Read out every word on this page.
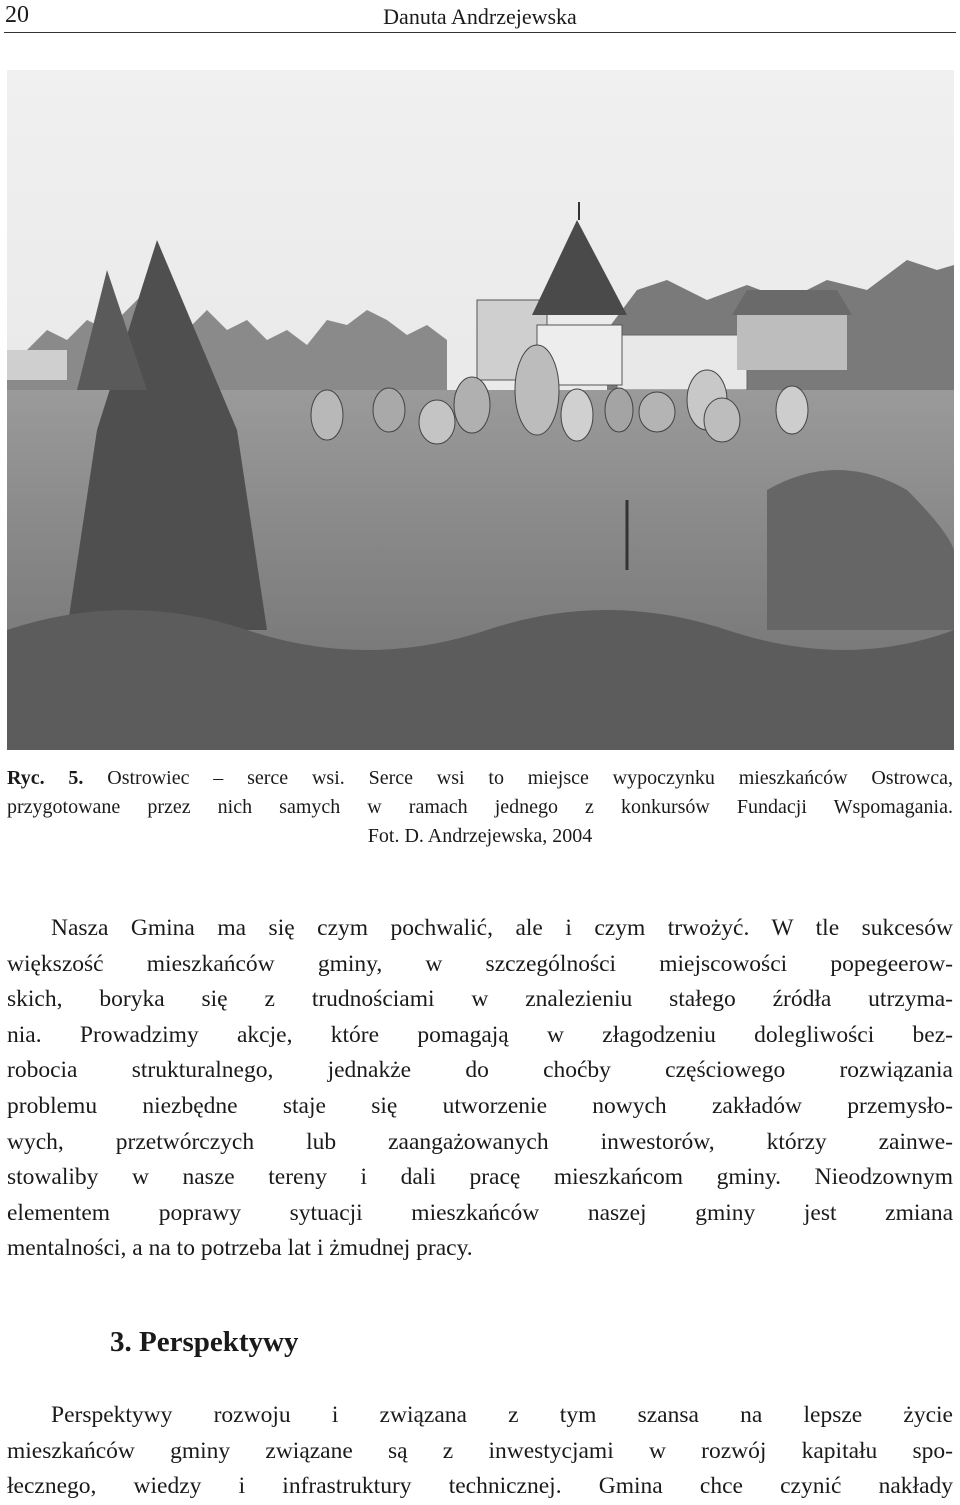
20	Danuta Andrzejewska
Ryc. 5. Ostrowiec – serce wsi. Serce wsi to miejsce wypoczynku mieszkańców Ostrowca,
przygotowane przez nich samych w ramach jednego z konkursów Fundacji Wspomagania.
Fot. D. Andrzejewska, 2004
Nasza Gmina ma się czym pochwalić, ale i czym trwożyć. W tle sukcesów
większość mieszkańców gminy, w szczególności miejscowości popegeerow-
skich, boryka się z trudnościami w znalezieniu stałego źródła utrzyma-
nia. Prowadzimy akcje, które pomagają w złagodzeniu dolegliwości bez-
robocia strukturalnego, jednakże do choćby częściowego rozwiązania
problemu niezbędne staje się utworzenie nowych zakładów przemysło-
wych, przetwórczych lub zaangażowanych inwestorów, którzy zainwe-
stowaliby w nasze tereny i dali pracę mieszkańcom gminy. Nieodzownym
elementem poprawy sytuacji mieszkańców naszej gminy jest zmiana
mentalności, a na to potrzeba lat i żmudnej pracy.
3. Perspektywy
Perspektywy rozwoju i związana z tym szansa na lepsze życie
mieszkańców gminy związane są z inwestycjami w rozwój kapitału spo-
łecznego, wiedzy i infrastruktury technicznej. Gmina chce czynić nakłady
